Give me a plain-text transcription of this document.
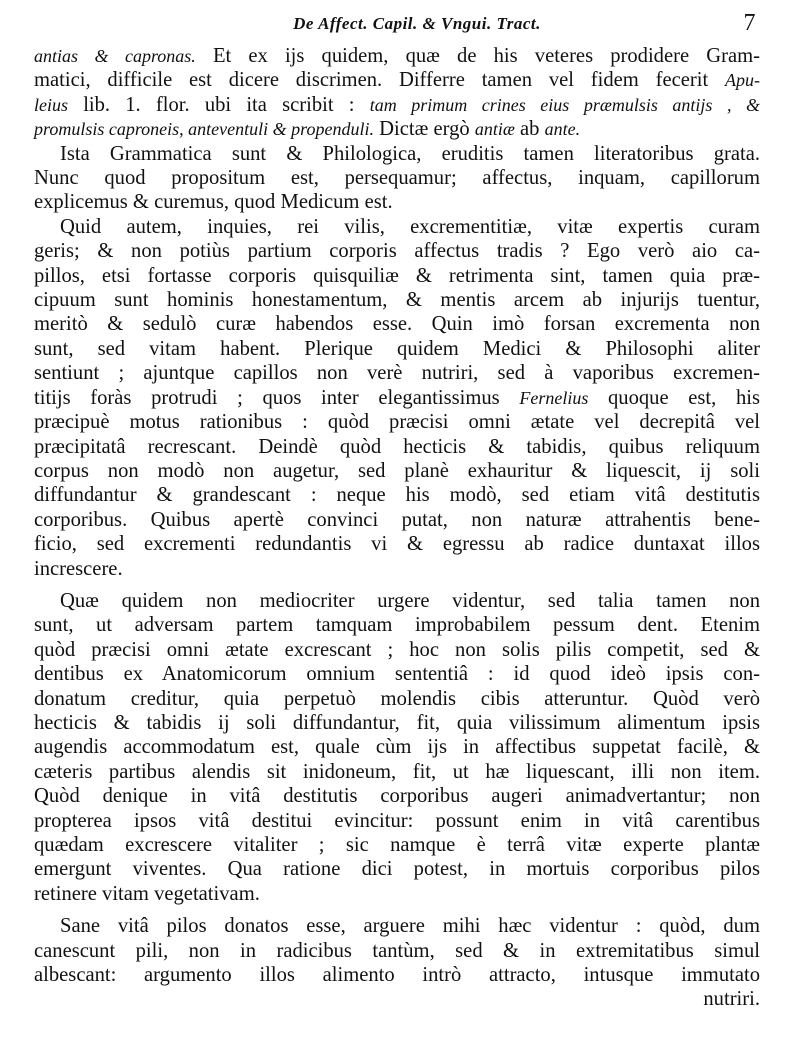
De Affect. Capil. & Vngui. Tract.	7

antias & capronas. Et ex ijs quidem, quæ de his veteres prodidere Gram-
matici, difficile est dicere discrimen. Differre tamen vel fidem fecerit Apu-
leius lib. 1. flor. ubi ita scribit : tam primum crines eius præmulsis antijs , &
promulsis caproneis, anteventuli & propenduli. Dictæ ergò antiæ ab ante.

Ista Grammatica sunt & Philologica, eruditis tamen literatoribus grata.
Nunc quod propositum est, persequamur; affectus, inquam, capillorum
explicemus & curemus, quod Medicum est.

Quid autem, inquies, rei vilis, excrementitiæ, vitæ expertis curam
geris; & non potiùs partium corporis affectus tradis ? Ego verò aio ca-
pillos, etsi fortasse corporis quisquiliæ & retrimenta sint, tamen quia præ-
cipuum sunt hominis honestamentum, & mentis arcem ab injurijs tuentur,
meritò & sedulò curæ habendos esse. Quin imò forsan excrementa non
sunt, sed vitam habent. Plerique quidem Medici & Philosophi aliter
sentiunt ; ajuntque capillos non verè nutriri, sed à vaporibus excremen-
titijs foràs protrudi ; quos inter elegantissimus Fernelius quoque est, his
præcipuè motus rationibus : quòd præcisi omni ætate vel decrepitâ vel
præcipitatâ recrescant. Deindè quòd hecticis & tabidis, quibus reliquum
corpus non modò non augetur, sed planè exhauritur & liquescit, ij soli
diffundantur & grandescant : neque his modò, sed etiam vitâ destitutis
corporibus. Quibus apertè convinci putat, non naturæ attrahentis bene-
ficio, sed excrementi redundantis vi & egressu ab radice duntaxat illos
increscere.

Quæ quidem non mediocriter urgere videntur, sed talia tamen non
sunt, ut adversam partem tamquam improbabilem pessum dent. Etenim
quòd præcisi omni ætate excrescant ; hoc non solis pilis competit, sed &
dentibus ex Anatomicorum omnium sententiâ : id quod ideò ipsis con-
donatum creditur, quia perpetuò molendis cibis atteruntur. Quòd verò
hecticis & tabidis ij soli diffundantur, fit, quia vilissimum alimentum ipsis
augendis accommodatum est, quale cùm ijs in affectibus suppetat facilè, &
cæteris partibus alendis sit inidoneum, fit, ut hæ liquescant, illi non item.
Quòd denique in vitâ destitutis corporibus augeri animadvertantur; non
propterea ipsos vitâ destitui evincitur: possunt enim in vitâ carentibus
quædam excrescere vitaliter ; sic namque è terrâ vitæ experte plantæ
emergunt viventes. Qua ratione dici potest, in mortuis corporibus pilos
retinere vitam vegetativam.

Sane vitâ pilos donatos esse, arguere mihi hæc videntur : quòd, dum
canescunt pili, non in radicibus tantùm, sed & in extremitatibus simul
albescant: argumento illos alimento intrò attracto, intusque immutato
nutriri.
